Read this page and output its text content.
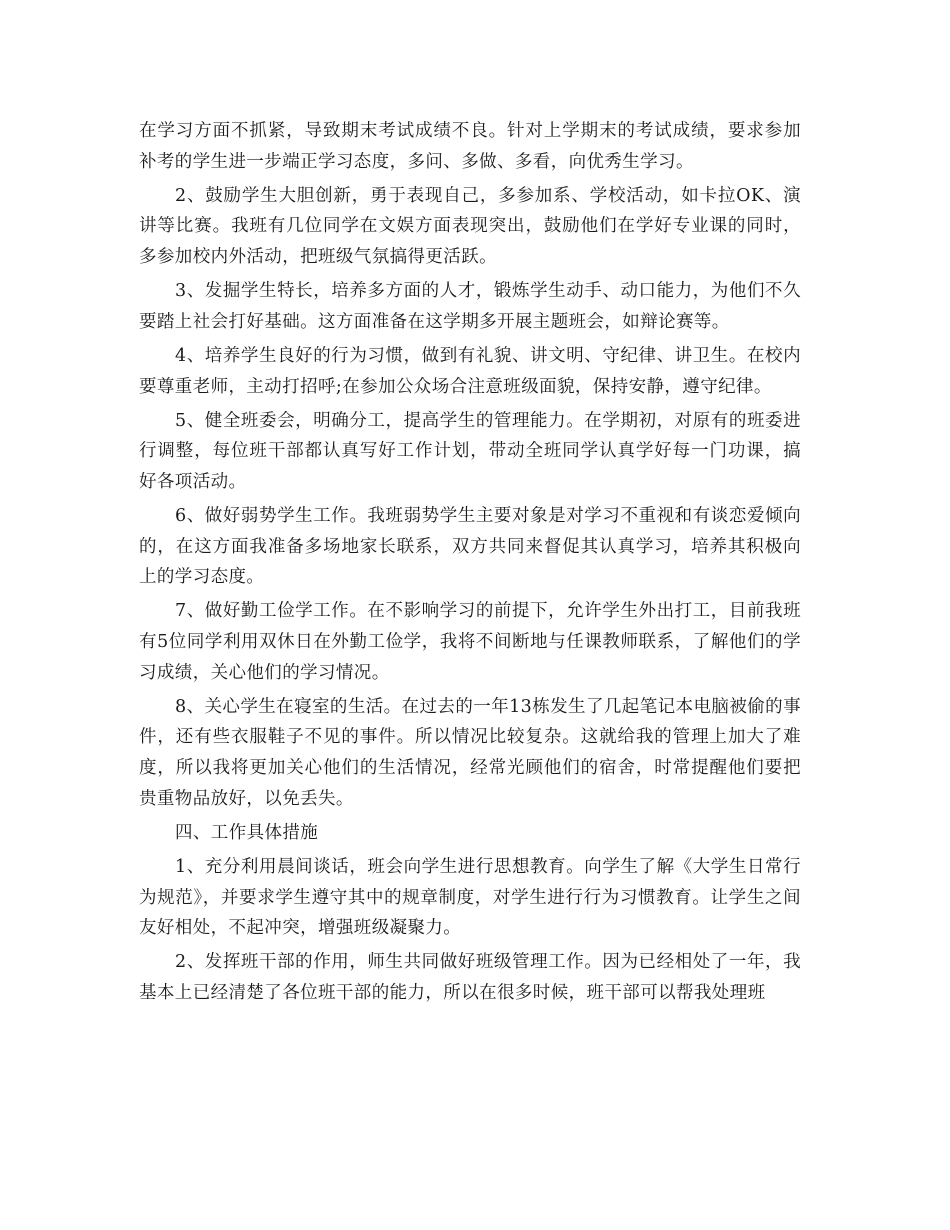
在学习方面不抓紧，导致期末考试成绩不良。针对上学期末的考试成绩，要求参加补考的学生进一步端正学习态度，多问、多做、多看，向优秀生学习。

2、鼓励学生大胆创新，勇于表现自己，多参加系、学校活动，如卡拉OK、演讲等比赛。我班有几位同学在文娱方面表现突出，鼓励他们在学好专业课的同时，多参加校内外活动，把班级气氛搞得更活跃。

3、发掘学生特长，培养多方面的人才，锻炼学生动手、动口能力，为他们不久要踏上社会打好基础。这方面准备在这学期多开展主题班会，如辩论赛等。

4、培养学生良好的行为习惯，做到有礼貌、讲文明、守纪律、讲卫生。在校内要尊重老师，主动打招呼;在参加公众场合注意班级面貌，保持安静，遵守纪律。

5、健全班委会，明确分工，提高学生的管理能力。在学期初，对原有的班委进行调整，每位班干部都认真写好工作计划，带动全班同学认真学好每一门功课，搞好各项活动。

6、做好弱势学生工作。我班弱势学生主要对象是对学习不重视和有谈恋爱倾向的，在这方面我准备多场地家长联系，双方共同来督促其认真学习，培养其积极向上的学习态度。

7、做好勤工俭学工作。在不影响学习的前提下，允许学生外出打工，目前我班有5位同学利用双休日在外勤工俭学，我将不间断地与任课教师联系，了解他们的学习成绩，关心他们的学习情况。

8、关心学生在寝室的生活。在过去的一年13栋发生了几起笔记本电脑被偷的事件，还有些衣服鞋子不见的事件。所以情况比较复杂。这就给我的管理上加大了难度，所以我将更加关心他们的生活情况，经常光顾他们的宿舍，时常提醒他们要把贵重物品放好，以免丢失。

四、工作具体措施

1、充分利用晨间谈话，班会向学生进行思想教育。向学生了解《大学生日常行为规范》，并要求学生遵守其中的规章制度，对学生进行行为习惯教育。让学生之间友好相处，不起冲突，增强班级凝聚力。

2、发挥班干部的作用，师生共同做好班级管理工作。因为已经相处了一年，我基本上已经清楚了各位班干部的能力，所以在很多时候，班干部可以帮我处理班
